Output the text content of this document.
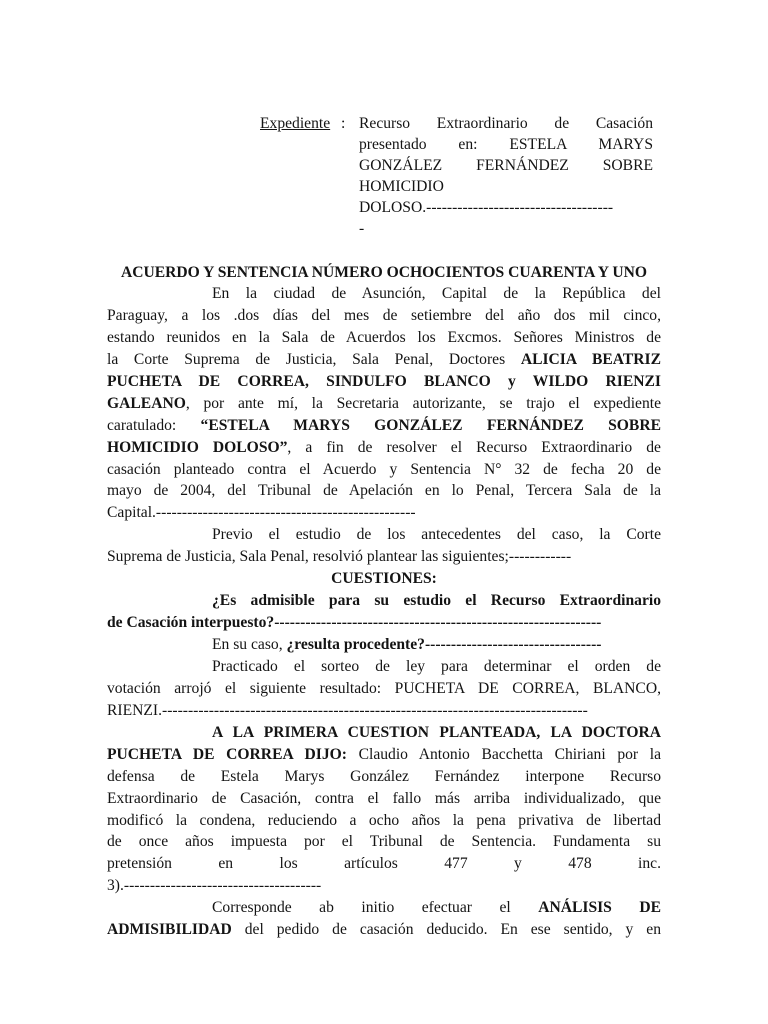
Expediente : Recurso Extraordinario de Casación
presentado en: ESTELA MARYS
GONZÁLEZ FERNÁNDEZ SOBRE
HOMICIDIO
DOLOSO.------------------------------------
-
ACUERDO Y SENTENCIA NÚMERO OCHOCIENTOS CUARENTA Y UNO
En la ciudad de Asunción, Capital de la República del
Paraguay, a los .dos días del mes de setiembre del año dos mil cinco,
estando reunidos en la Sala de Acuerdos los Excmos. Señores Ministros de
la Corte Suprema de Justicia, Sala Penal, Doctores ALICIA BEATRIZ
PUCHETA DE CORREA, SINDULFO BLANCO y WILDO RIENZI
GALEANO, por ante mí, la Secretaria autorizante, se trajo el expediente
caratulado: “ESTELA MARYS GONZÁLEZ FERNÁNDEZ SOBRE
HOMICIDIO DOLOSO”, a fin de resolver el Recurso Extraordinario de
casación planteado contra el Acuerdo y Sentencia N° 32 de fecha 20 de
mayo de 2004, del Tribunal de Apelación en lo Penal, Tercera Sala de la
Capital.--------------------------------------------------
Previo el estudio de los antecedentes del caso, la Corte
Suprema de Justicia, Sala Penal, resolvió plantear las siguientes;------------
CUESTIONES:
¿Es admisible para su estudio el Recurso Extraordinario
de Casación interpuesto?---------------------------------------------------------------
En su caso, ¿resulta procedente?----------------------------------
Practicado el sorteo de ley para determinar el orden de
votación arrojó el siguiente resultado: PUCHETA DE CORREA, BLANCO,
RIENZI.----------------------------------------------------------------------------------
A LA PRIMERA CUESTION PLANTEADA, LA DOCTORA
PUCHETA DE CORREA DIJO: Claudio Antonio Bacchetta Chiriani por la
defensa de Estela Marys González Fernández interpone Recurso
Extraordinario de Casación, contra el fallo más arriba individualizado, que
modificó la condena, reduciendo a ocho años la pena privativa de libertad
de once años impuesta por el Tribunal de Sentencia. Fundamenta su
pretensión en los artículos 477 y 478 inc.
3).--------------------------------------
Corresponde ab initio efectuar el ANÁLISIS DE
ADMISIBILIDAD del pedido de casación deducido. En ese sentido, y en
